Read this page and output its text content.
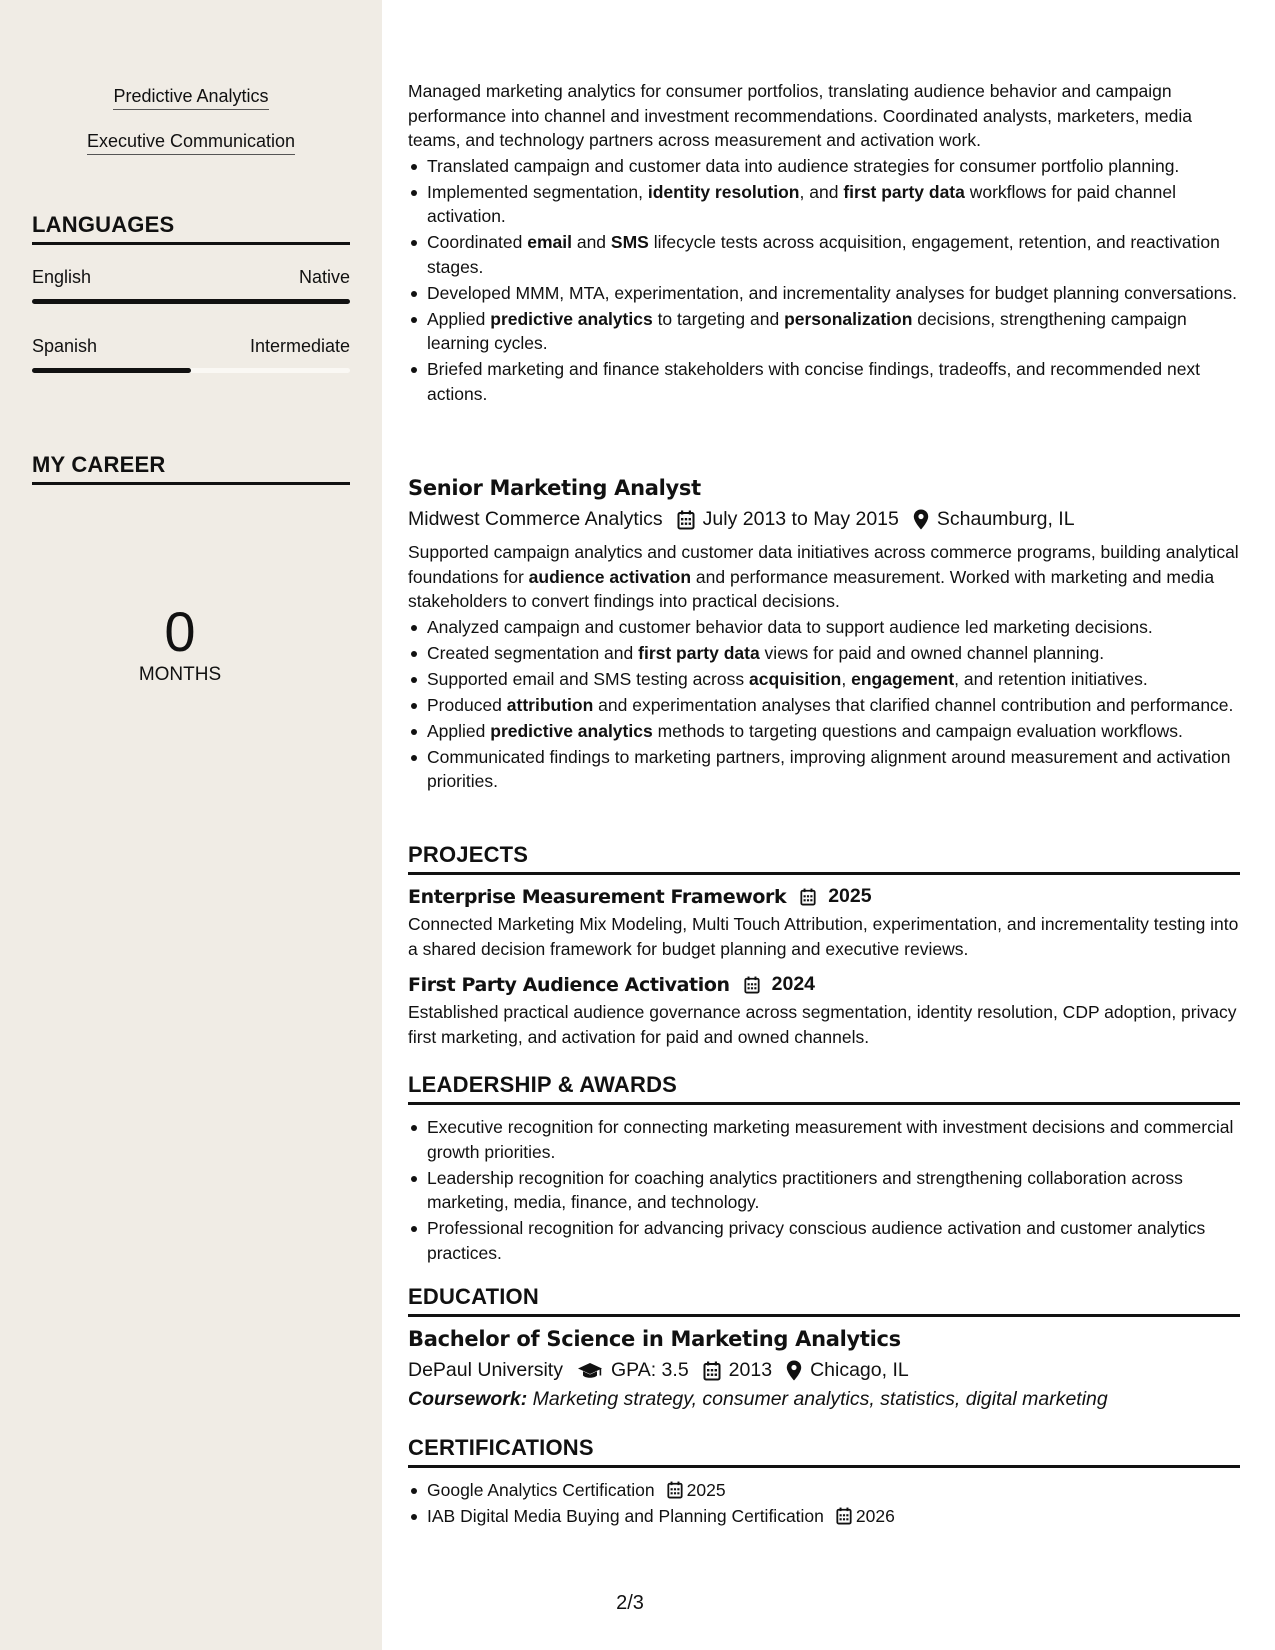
Predictive Analytics
Executive Communication
LANGUAGES
English	Native
Spanish	Intermediate
MY CAREER
0
MONTHS

Managed marketing analytics for consumer portfolios, translating audience behavior and campaign performance into channel and investment recommendations. Coordinated analysts, marketers, media teams, and technology partners across measurement and activation work.

Translated campaign and customer data into audience strategies for consumer portfolio planning.
Implemented segmentation, identity resolution, and first party data workflows for paid channel activation.
Coordinated email and SMS lifecycle tests across acquisition, engagement, retention, and reactivation stages.
Developed MMM, MTA, experimentation, and incrementality analyses for budget planning conversations.
Applied predictive analytics to targeting and personalization decisions, strengthening campaign learning cycles.
Briefed marketing and finance stakeholders with concise findings, tradeoffs, and recommended next actions.
Senior Marketing Analyst
Midwest Commerce Analytics July 2013 to May 2015 Schaumburg, IL

Supported campaign analytics and customer data initiatives across commerce programs, building analytical foundations for audience activation and performance measurement. Worked with marketing and media stakeholders to convert findings into practical decisions.

Analyzed campaign and customer behavior data to support audience led marketing decisions.
Created segmentation and first party data views for paid and owned channel planning.
Supported email and SMS testing across acquisition, engagement, and retention initiatives.
Produced attribution and experimentation analyses that clarified channel contribution and performance.
Applied predictive analytics methods to targeting questions and campaign evaluation workflows.
Communicated findings to marketing partners, improving alignment around measurement and activation priorities.
PROJECTS
Enterprise Measurement Framework 2025

Connected Marketing Mix Modeling, Multi Touch Attribution, experimentation, and incrementality testing into a shared decision framework for budget planning and executive reviews.

First Party Audience Activation 2024

Established practical audience governance across segmentation, identity resolution, CDP adoption, privacy first marketing, and activation for paid and owned channels.

LEADERSHIP & AWARDS
Executive recognition for connecting marketing measurement with investment decisions and commercial growth priorities.
Leadership recognition for coaching analytics practitioners and strengthening collaboration across marketing, media, finance, and technology.
Professional recognition for advancing privacy conscious audience activation and customer analytics practices.
EDUCATION
Bachelor of Science in Marketing Analytics
DePaul University GPA: 3.5 2013 Chicago, IL
Coursework: Marketing strategy, consumer analytics, statistics, digital marketing
CERTIFICATIONS
Google Analytics Certification 2025
IAB Digital Media Buying and Planning Certification 2026
2/3
